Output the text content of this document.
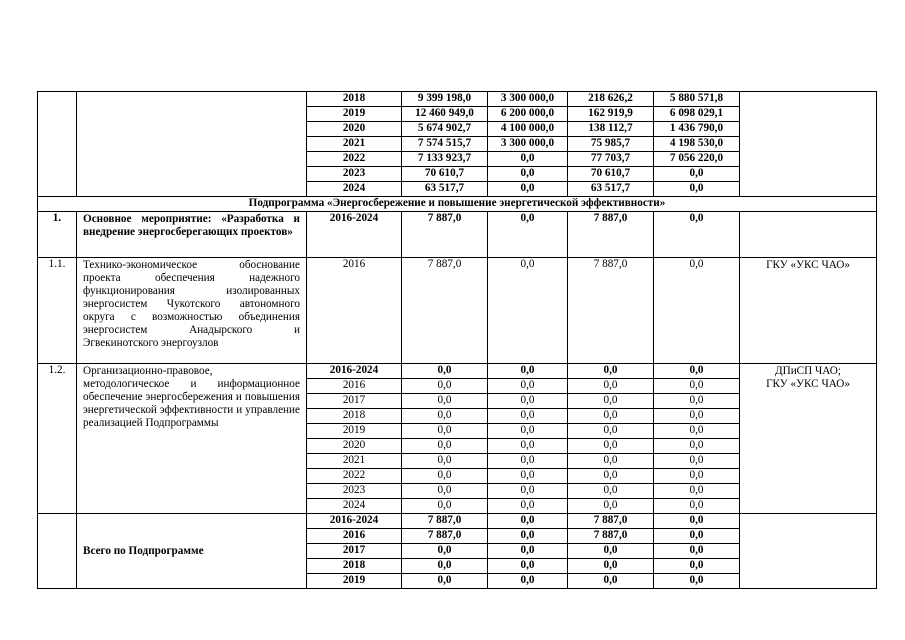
		2018	9 399 198,0	3 300 000,0	218 626,2	5 880 571,8	
		2019	12 460 949,0	6 200 000,0	162 919,9	6 098 029,1	
		2020	5 674 902,7	4 100 000,0	138 112,7	1 436 790,0	
		2021	7 574 515,7	3 300 000,0	75 985,7	4 198 530,0	
		2022	7 133 923,7	0,0	77 703,7	7 056 220,0	
		2023	70 610,7	0,0	70 610,7	0,0	
		2024	63 517,7	0,0	63 517,7	0,0	
Подпрограмма «Энергосбережение и повышение энергетической эффективности»							
1.	Основное мероприятие: «Разработка и внедрение энергосберегающих проектов»	2016-2024	7 887,0	0,0	7 887,0	0,0	
1.1.	Технико-экономическое обоснование проекта обеспечения надежного функционирования изолированных энергосистем Чукотского автономного округа с возможностью объединения энергосистем Анадырского и Эгвекинотского энергоузлов	2016	7 887,0	0,0	7 887,0	0,0	ГКУ «УКС ЧАО»
1.2.	Организационно-правовое, методологическое и информационное обеспечение энергосбережения и повышения энергетической эффективности и управление реализацией Подпрограммы	2016-2024	0,0	0,0	0,0	0,0	ДПиСП ЧАО;
ГКУ «УКС ЧАО»

		2016	0,0	0,0	0,0	0,0	
		2017	0,0	0,0	0,0	0,0	
		2018	0,0	0,0	0,0	0,0	
		2019	0,0	0,0	0,0	0,0	
		2020	0,0	0,0	0,0	0,0	
		2021	0,0	0,0	0,0	0,0	
		2022	0,0	0,0	0,0	0,0	
		2023	0,0	0,0	0,0	0,0	
		2024	0,0	0,0	0,0	0,0	
	Всего по Подпрограмме	2016-2024	7 887,0	0,0	7 887,0	0,0	
		2016	7 887,0	0,0	7 887,0	0,0	
		2017	0,0	0,0	0,0	0,0	
		2018	0,0	0,0	0,0	0,0	
		2019	0,0	0,0	0,0	0,0	
